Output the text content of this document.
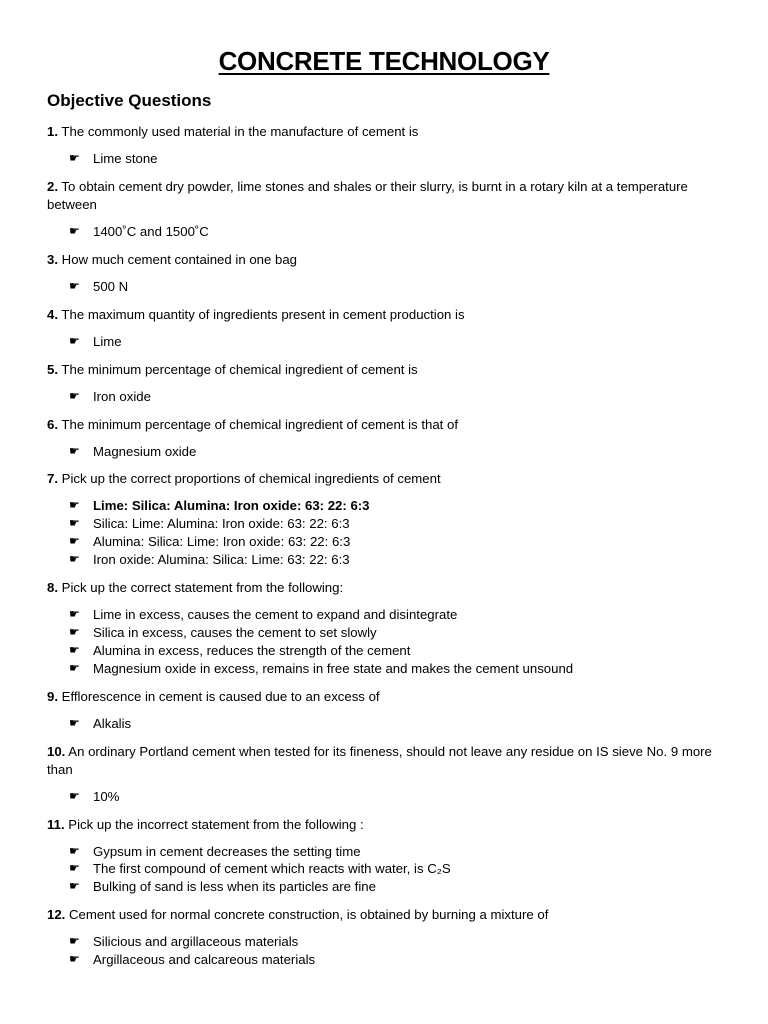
CONCRETE TECHNOLOGY
Objective Questions
1. The commonly used material in the manufacture of cement is
☛ Lime stone
2. To obtain cement dry powder, lime stones and shales or their slurry, is burnt in a rotary kiln at a temperature between
☛ 1400˚C and 1500˚C
3. How much cement contained in one bag
☛ 500 N
4. The maximum quantity of ingredients present in cement production is
☛ Lime
5. The minimum percentage of chemical ingredient of cement is
☛ Iron oxide
6. The minimum percentage of chemical ingredient of cement is that of
☛ Magnesium oxide
7. Pick up the correct proportions of chemical ingredients of cement
☛ Lime: Silica: Alumina: Iron oxide: 63: 22: 6:3
☛ Silica: Lime: Alumina: Iron oxide: 63: 22: 6:3
☛ Alumina: Silica: Lime: Iron oxide: 63: 22: 6:3
☛ Iron oxide: Alumina: Silica: Lime: 63: 22: 6:3
8. Pick up the correct statement from the following:
☛ Lime in excess, causes the cement to expand and disintegrate
☛ Silica in excess, causes the cement to set slowly
☛ Alumina in excess, reduces the strength of the cement
☛ Magnesium oxide in excess, remains in free state and makes the cement unsound
9. Efflorescence in cement is caused due to an excess of
☛ Alkalis
10. An ordinary Portland cement when tested for its fineness, should not leave any residue on IS sieve No. 9 more than
☛ 10%
11. Pick up the incorrect statement from the following :
☛ Gypsum in cement decreases the setting time
☛ The first compound of cement which reacts with water, is C₂S
☛ Bulking of sand is less when its particles are fine
12. Cement used for normal concrete construction, is obtained by burning a mixture of
☛ Silicious and argillaceous materials
☛ Argillaceous and calcareous materials
